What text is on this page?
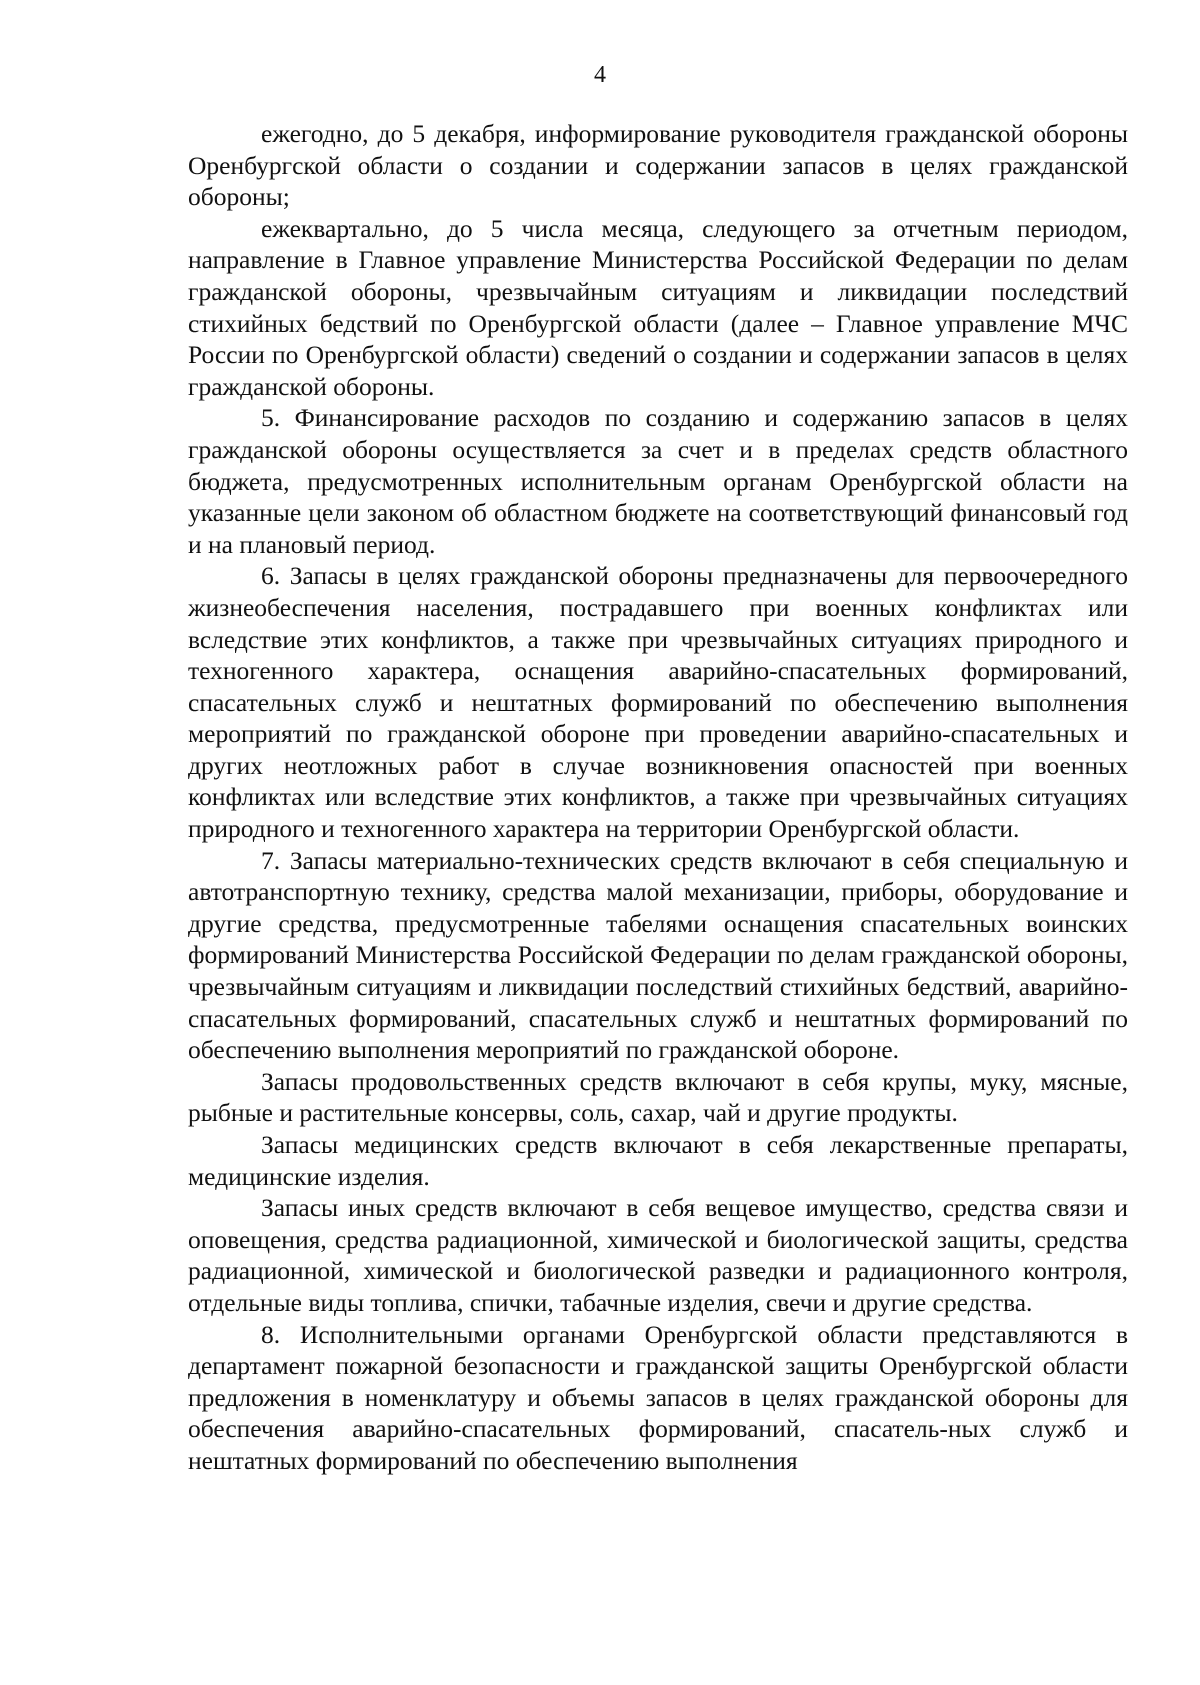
4

ежегодно, до 5 декабря, информирование руководителя гражданской обороны Оренбургской области о создании и содержании запасов в целях гражданской обороны;

ежеквартально, до 5 числа месяца, следующего за отчетным периодом, направление в Главное управление Министерства Российской Федерации по делам гражданской обороны, чрезвычайным ситуациям и ликвидации последствий стихийных бедствий по Оренбургской области (далее – Главное управление МЧС России по Оренбургской области) сведений о создании и содержании запасов в целях гражданской обороны.

5. Финансирование расходов по созданию и содержанию запасов в целях гражданской обороны осуществляется за счет и в пределах средств областного бюджета, предусмотренных исполнительным органам Оренбургской области на указанные цели законом об областном бюджете на соответствующий финансовый год и на плановый период.

6. Запасы в целях гражданской обороны предназначены для первоочередного жизнеобеспечения населения, пострадавшего при военных конфликтах или вследствие этих конфликтов, а также при чрезвычайных ситуациях природного и техногенного характера, оснащения аварийно-спасательных формирований, спасательных служб и нештатных формирований по обеспечению выполнения мероприятий по гражданской обороне при проведении аварийно-спасательных и других неотложных работ в случае возникновения опасностей при военных конфликтах или вследствие этих конфликтов, а также при чрезвычайных ситуациях природного и техногенного характера на территории Оренбургской области.

7. Запасы материально-технических средств включают в себя специальную и автотранспортную технику, средства малой механизации, приборы, оборудование и другие средства, предусмотренные табелями оснащения спасательных воинских формирований Министерства Российской Федерации по делам гражданской обороны, чрезвычайным ситуациям и ликвидации последствий стихийных бедствий, аварийно-спасательных формирований, спасательных служб и нештатных формирований по обеспечению выполнения мероприятий по гражданской обороне.

Запасы продовольственных средств включают в себя крупы, муку, мясные, рыбные и растительные консервы, соль, сахар, чай и другие продукты.

Запасы медицинских средств включают в себя лекарственные препараты, медицинские изделия.

Запасы иных средств включают в себя вещевое имущество, средства связи и оповещения, средства радиационной, химической и биологической защиты, средства радиационной, химической и биологической разведки и радиационного контроля, отдельные виды топлива, спички, табачные изделия, свечи и другие средства.

8. Исполнительными органами Оренбургской области представляются в департамент пожарной безопасности и гражданской защиты Оренбургской области предложения в номенклатуру и объемы запасов в целях гражданской обороны для обеспечения аварийно-спасательных формирований, спасатель-ных служб и нештатных формирований по обеспечению выполнения
